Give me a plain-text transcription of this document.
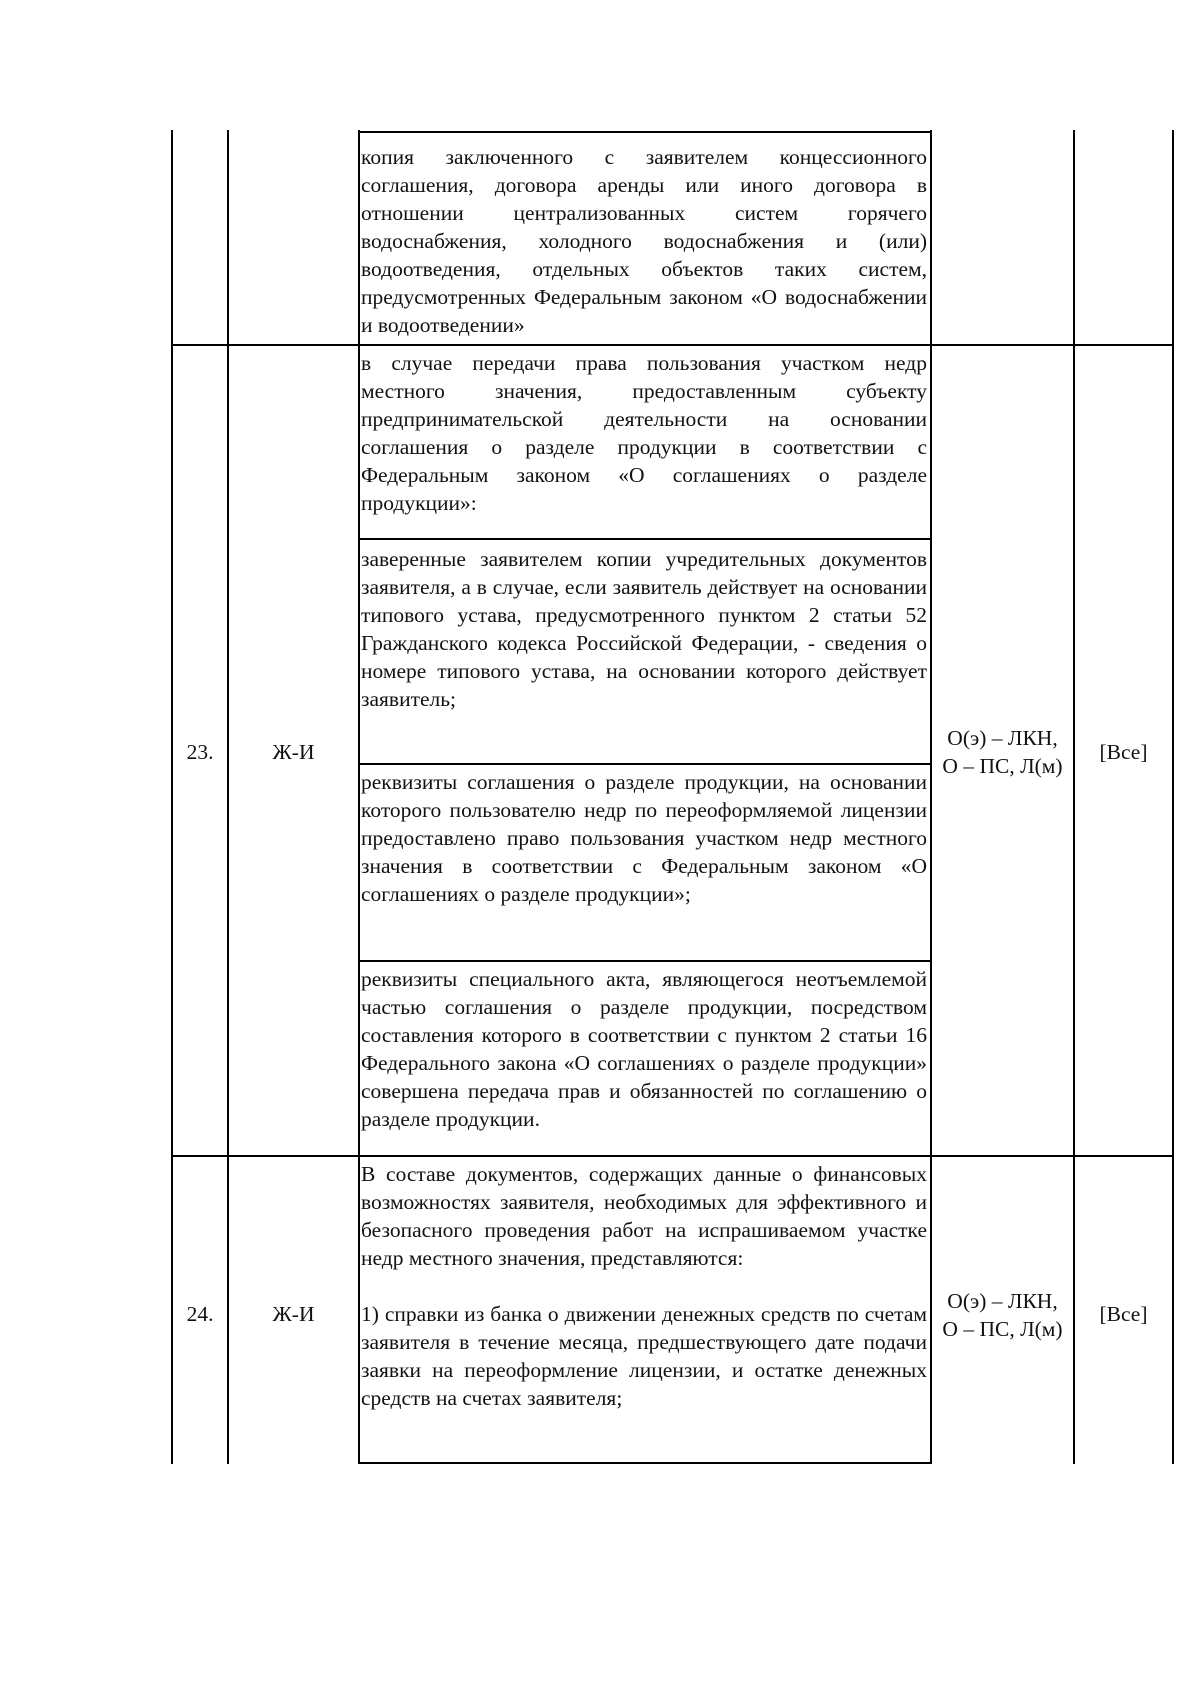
копия заключенного с заявителем концессионного соглашения, договора аренды или иного договора в отношении централизованных систем горячего водоснабжения, холодного водоснабжения и (или) водоотведения, отдельных объектов таких систем, предусмотренных Федеральным законом «О водоснабжении и водоотведении»
23.	Ж-И
в случае передачи права пользования участком недр местного значения, предоставленным субъекту предпринимательской деятельности на основании соглашения о разделе продукции в соответствии с Федеральным законом «О соглашениях о разделе продукции»:
заверенные заявителем копии учредительных документов заявителя, а в случае, если заявитель действует на основании типового устава, предусмотренного пунктом 2 статьи 52 Гражданского кодекса Российской Федерации, - сведения о номере типового устава, на основании которого действует заявитель;
реквизиты соглашения о разделе продукции, на основании которого пользователю недр по переоформляемой лицензии предоставлено право пользования участком недр местного значения в соответствии с Федеральным законом «О соглашениях о разделе продукции»;
реквизиты специального акта, являющегося неотъемлемой частью соглашения о разделе продукции, посредством составления которого в соответствии с пунктом 2 статьи 16 Федерального закона «О соглашениях о разделе продукции» совершена передача прав и обязанностей по соглашению о разделе продукции.
О(э) – ЛКН,
О – ПС, Л(м)
[Все]
24.	Ж-И
В составе документов, содержащих данные о финансовых возможностях заявителя, необходимых для эффективного и безопасного проведения работ на испрашиваемом участке недр местного значения, представляются:

1) справки из банка о движении денежных средств по счетам заявителя в течение месяца, предшествующего дате подачи заявки на переоформление лицензии, и остатке денежных средств на счетах заявителя;
О(э) – ЛКН,
О – ПС, Л(м)
[Все]
